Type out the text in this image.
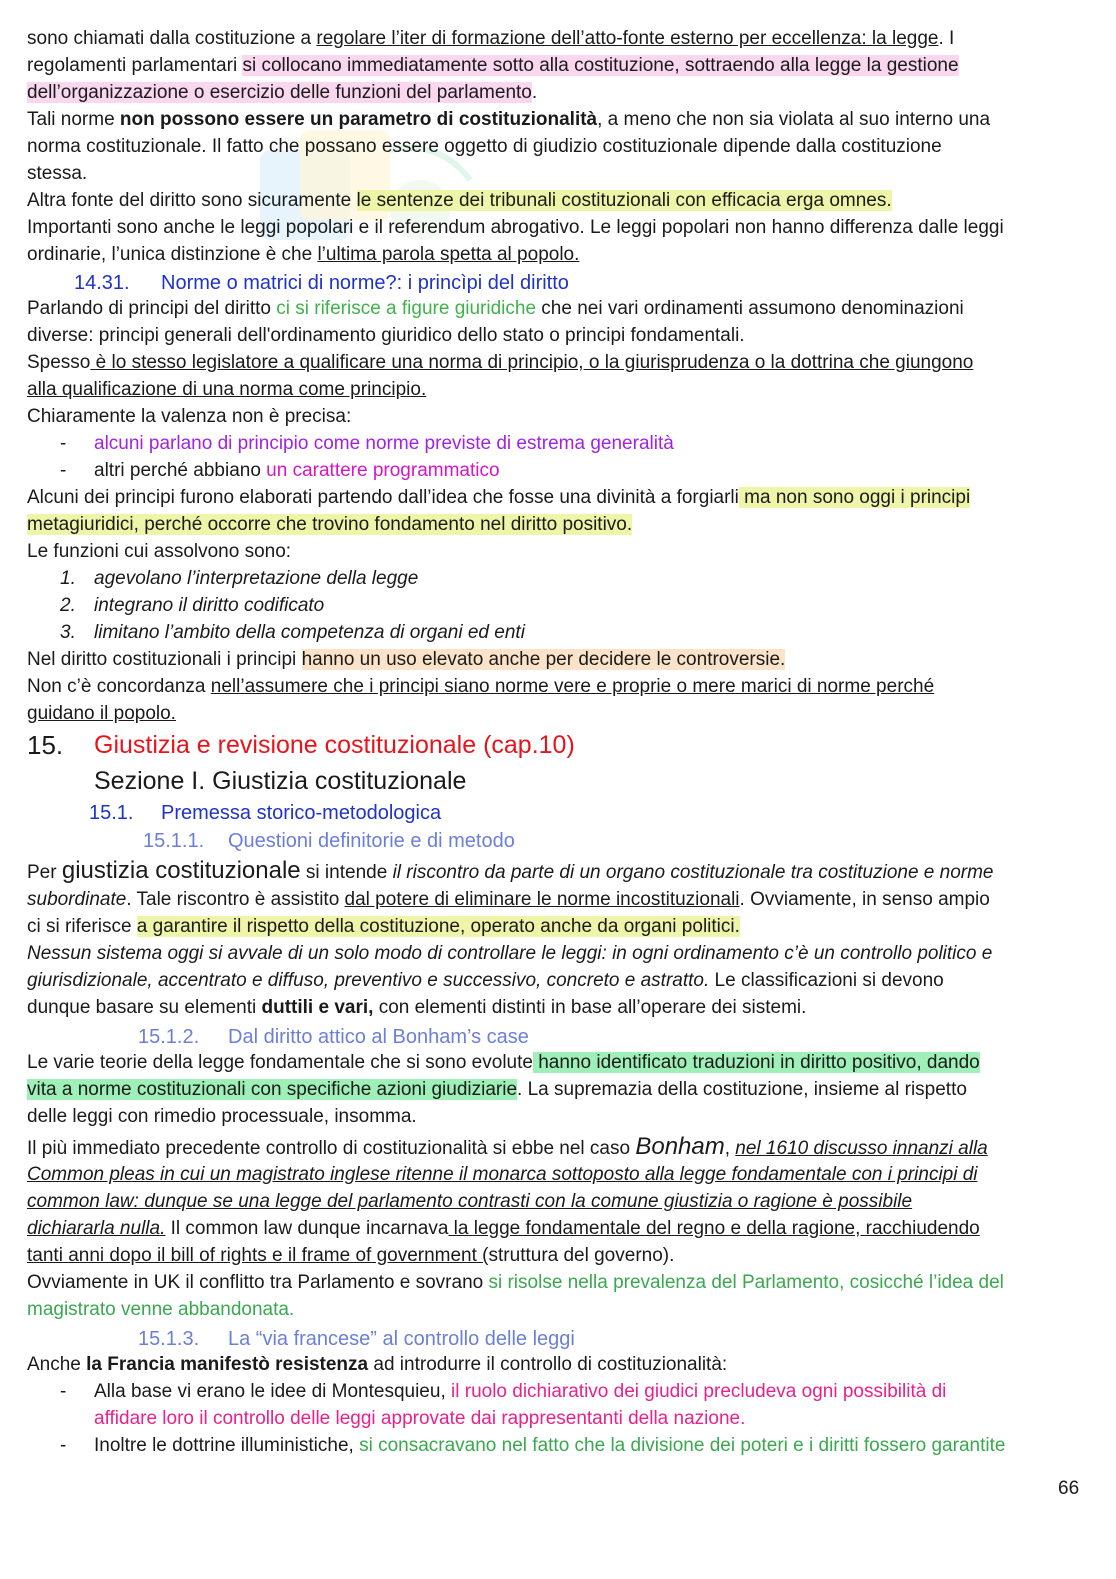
sono chiamati dalla costituzione a regolare l’iter di formazione dell’atto-fonte esterno per eccellenza: la legge. I
regolamenti parlamentari si collocano immediatamente sotto alla costituzione, sottraendo alla legge la gestione
dell’organizzazione o esercizio delle funzioni del parlamento.
Tali norme non possono essere un parametro di costituzionalità, a meno che non sia violata al suo interno una
norma costituzionale. Il fatto che possano essere oggetto di giudizio costituzionale dipende dalla costituzione
stessa.
Altra fonte del diritto sono sicuramente le sentenze dei tribunali costituzionali con efficacia erga omnes.
Importanti sono anche le leggi popolari e il referendum abrogativo. Le leggi popolari non hanno differenza dalle leggi
ordinarie, l’unica distinzione è che l’ultima parola spetta al popolo.
14.31. Norme o matrici di norme?: i princìpi del diritto
Parlando di principi del diritto ci si riferisce a figure giuridiche che nei vari ordinamenti assumono denominazioni
diverse: principi generali dell'ordinamento giuridico dello stato o principi fondamentali.
Spesso è lo stesso legislatore a qualificare una norma di principio, o la giurisprudenza o la dottrina che giungono
alla qualificazione di una norma come principio.
Chiaramente la valenza non è precisa:
- alcuni parlano di principio come norme previste di estrema generalità
- altri perché abbiano un carattere programmatico
Alcuni dei principi furono elaborati partendo dall’idea che fosse una divinità a forgiarli ma non sono oggi i principi
metagiuridici, perché occorre che trovino fondamento nel diritto positivo.
Le funzioni cui assolvono sono:
1. agevolano l’interpretazione della legge
2. integrano il diritto codificato
3. limitano l’ambito della competenza di organi ed enti
Nel diritto costituzionali i principi hanno un uso elevato anche per decidere le controversie.
Non c’è concordanza nell’assumere che i principi siano norme vere e proprie o mere marici di norme perché
guidano il popolo.
15. Giustizia e revisione costituzionale (cap.10)
Sezione I. Giustizia costituzionale
15.1. Premessa storico-metodologica
15.1.1. Questioni definitorie e di metodo
Per giustizia costituzionale si intende il riscontro da parte di un organo costituzionale tra costituzione e norme
subordinate. Tale riscontro è assistito dal potere di eliminare le norme incostituzionali. Ovviamente, in senso ampio
ci si riferisce a garantire il rispetto della costituzione, operato anche da organi politici.
Nessun sistema oggi si avvale di un solo modo di controllare le leggi: in ogni ordinamento c’è un controllo politico e
giurisdizionale, accentrato e diffuso, preventivo e successivo, concreto e astratto. Le classificazioni si devono
dunque basare su elementi duttili e vari, con elementi distinti in base all’operare dei sistemi.
15.1.2. Dal diritto attico al Bonham’s case
Le varie teorie della legge fondamentale che si sono evolute hanno identificato traduzioni in diritto positivo, dando
vita a norme costituzionali con specifiche azioni giudiziarie. La supremazia della costituzione, insieme al rispetto
delle leggi con rimedio processuale, insomma.
Il più immediato precedente controllo di costituzionalità si ebbe nel caso Bonham, nel 1610 discusso innanzi alla
Common pleas in cui un magistrato inglese ritenne il monarca sottoposto alla legge fondamentale con i principi di
common law: dunque se una legge del parlamento contrasti con la comune giustizia o ragione è possibile
dichiararla nulla. Il common law dunque incarnava la legge fondamentale del regno e della ragione, racchiudendo
tanti anni dopo il bill of rights e il frame of government (struttura del governo).
Ovviamente in UK il conflitto tra Parlamento e sovrano si risolse nella prevalenza del Parlamento, cosicché l’idea del
magistrato venne abbandonata.
15.1.3. La “via francese” al controllo delle leggi
Anche la Francia manifestò resistenza ad introdurre il controllo di costituzionalità:
- Alla base vi erano le idee di Montesquieu, il ruolo dichiarativo dei giudici precludeva ogni possibilità di
affidare loro il controllo delle leggi approvate dai rappresentanti della nazione.
- Inoltre le dottrine illuministiche, si consacravano nel fatto che la divisione dei poteri e i diritti fossero garantite
66
